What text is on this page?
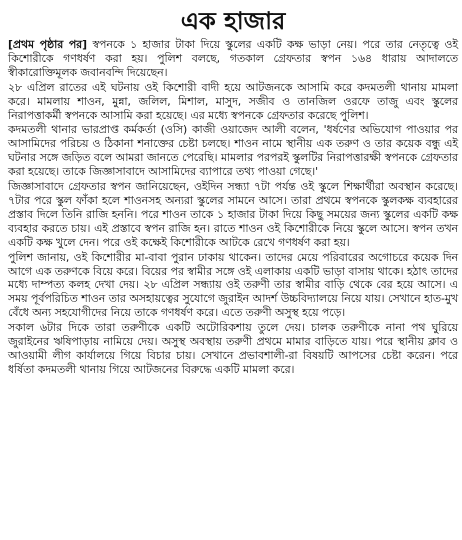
এক হাজার

[প্রথম পৃষ্ঠার পর] স্বপনকে ১ হাজার টাকা দিয়ে স্কুলের একটি কক্ষ ভাড়া নেয়। পরে তার নেতৃত্বে ওই কিশোরীকে গণধর্ষণ করা হয়। পুলিশ বলছে, গতকাল গ্রেফতার স্বপন ১৬৪ ধারায় আদালতে স্বীকারোক্তিমূলক জবানবন্দি দিয়েছেন।

২৮ এপ্রিল রাতের এই ঘটনায় ওই কিশোরী বাদী হয়ে আটজনকে আসামি করে কদমতলী থানায় মামলা করে। মামলায় শাওন, মুন্না, জলিল, মিশাল, মাসুদ, সজীব ও তানজিল ওরফে তাজু এবং স্কুলের নিরাপত্তাকর্মী স্বপনকে আসামি করা হয়েছে। এর মধ্যে স্বপনকে গ্রেফতার করেছে পুলিশ।

কদমতলী থানার ভারপ্রাপ্ত কর্মকর্তা (ওসি) কাজী ওয়াজেদ আলী বলেন, 'ধর্ষণের অভিযোগ পাওয়ার পর আসামিদের পরিচয় ও ঠিকানা শনাক্তের চেষ্টা চলছে। শাওন নামে স্থানীয় এক তরুণ ও তার কয়েক বন্ধু এই ঘটনার সঙ্গে জড়িত বলে আমরা জানতে পেরেছি। মামলার পরপরই স্কুলটির নিরাপত্তারক্ষী স্বপনকে গ্রেফতার করা হয়েছে। তাকে জিজ্ঞাসাবাদে আসামিদের ব্যাপারে তথ্য পাওয়া গেছে।'

জিজ্ঞাসাবাদে গ্রেফতার স্বপন জানিয়েছেন, ওইদিন সন্ধ্যা ৭টা পর্যন্ত ওই স্কুলে শিক্ষার্থীরা অবস্থান করেছে। ৭টার পরে স্কুল ফাঁকা হলে শাওনসহ অন্যরা স্কুলের সামনে আসে। তারা প্রথমে স্বপনকে স্কুলকক্ষ ব্যবহারের প্রস্তাব দিলে তিনি রাজি হননি। পরে শাওন তাকে ১ হাজার টাকা দিয়ে কিছু সময়ের জন্য স্কুলের একটি কক্ষ ব্যবহার করতে চায়। এই প্রস্তাবে স্বপন রাজি হন। রাতে শাওন ওই কিশোরীকে নিয়ে স্কুলে আসে। স্বপন তখন একটি কক্ষ খুলে দেন। পরে ওই কক্ষেই কিশোরীকে আটকে রেখে গণধর্ষণ করা হয়।

পুলিশ জানায়, ওই কিশোরীর মা-বাবা পুরান ঢাকায় থাকেন। তাদের মেয়ে পরিবারের অগোচরে কয়েক দিন আগে এক তরুণকে বিয়ে করে। বিয়ের পর স্বামীর সঙ্গে ওই এলাকায় একটি ভাড়া বাসায় থাকে। হঠাৎ তাদের মধ্যে দাম্পত্য কলহ দেখা দেয়। ২৮ এপ্রিল সন্ধ্যায় ওই তরুণী তার স্বামীর বাড়ি থেকে বের হয়ে আসে। এ সময় পূর্বপরিচিত শাওন তার অসহায়ত্বের সুযোগে জুরাইন আদর্শ উচ্চবিদ্যালয়ে নিয়ে যায়। সেখানে হাত-মুখ বেঁধে অন্য সহযোগীদের নিয়ে তাকে গণধর্ষণ করে। এতে তরুণী অসুস্থ হয়ে পড়ে।

সকাল ৬টার দিকে তারা তরুণীকে একটি অটোরিকশায় তুলে দেয়। চালক তরুণীকে নানা পথ ঘুরিয়ে জুরাইনের ঋষিপাড়ায় নামিয়ে দেয়। অসুস্থ অবস্থায় তরুণী প্রথমে মামার বাড়িতে যায়। পরে স্থানীয় ক্লাব ও আওয়ামী লীগ কার্যালয়ে গিয়ে বিচার চায়। সেখানে প্রভাবশালী-রা বিষয়টি আপসের চেষ্টা করেন। পরে ধর্ষিতা কদমতলী থানায় গিয়ে আটজনের বিরুদ্ধে একটি মামলা করে।
